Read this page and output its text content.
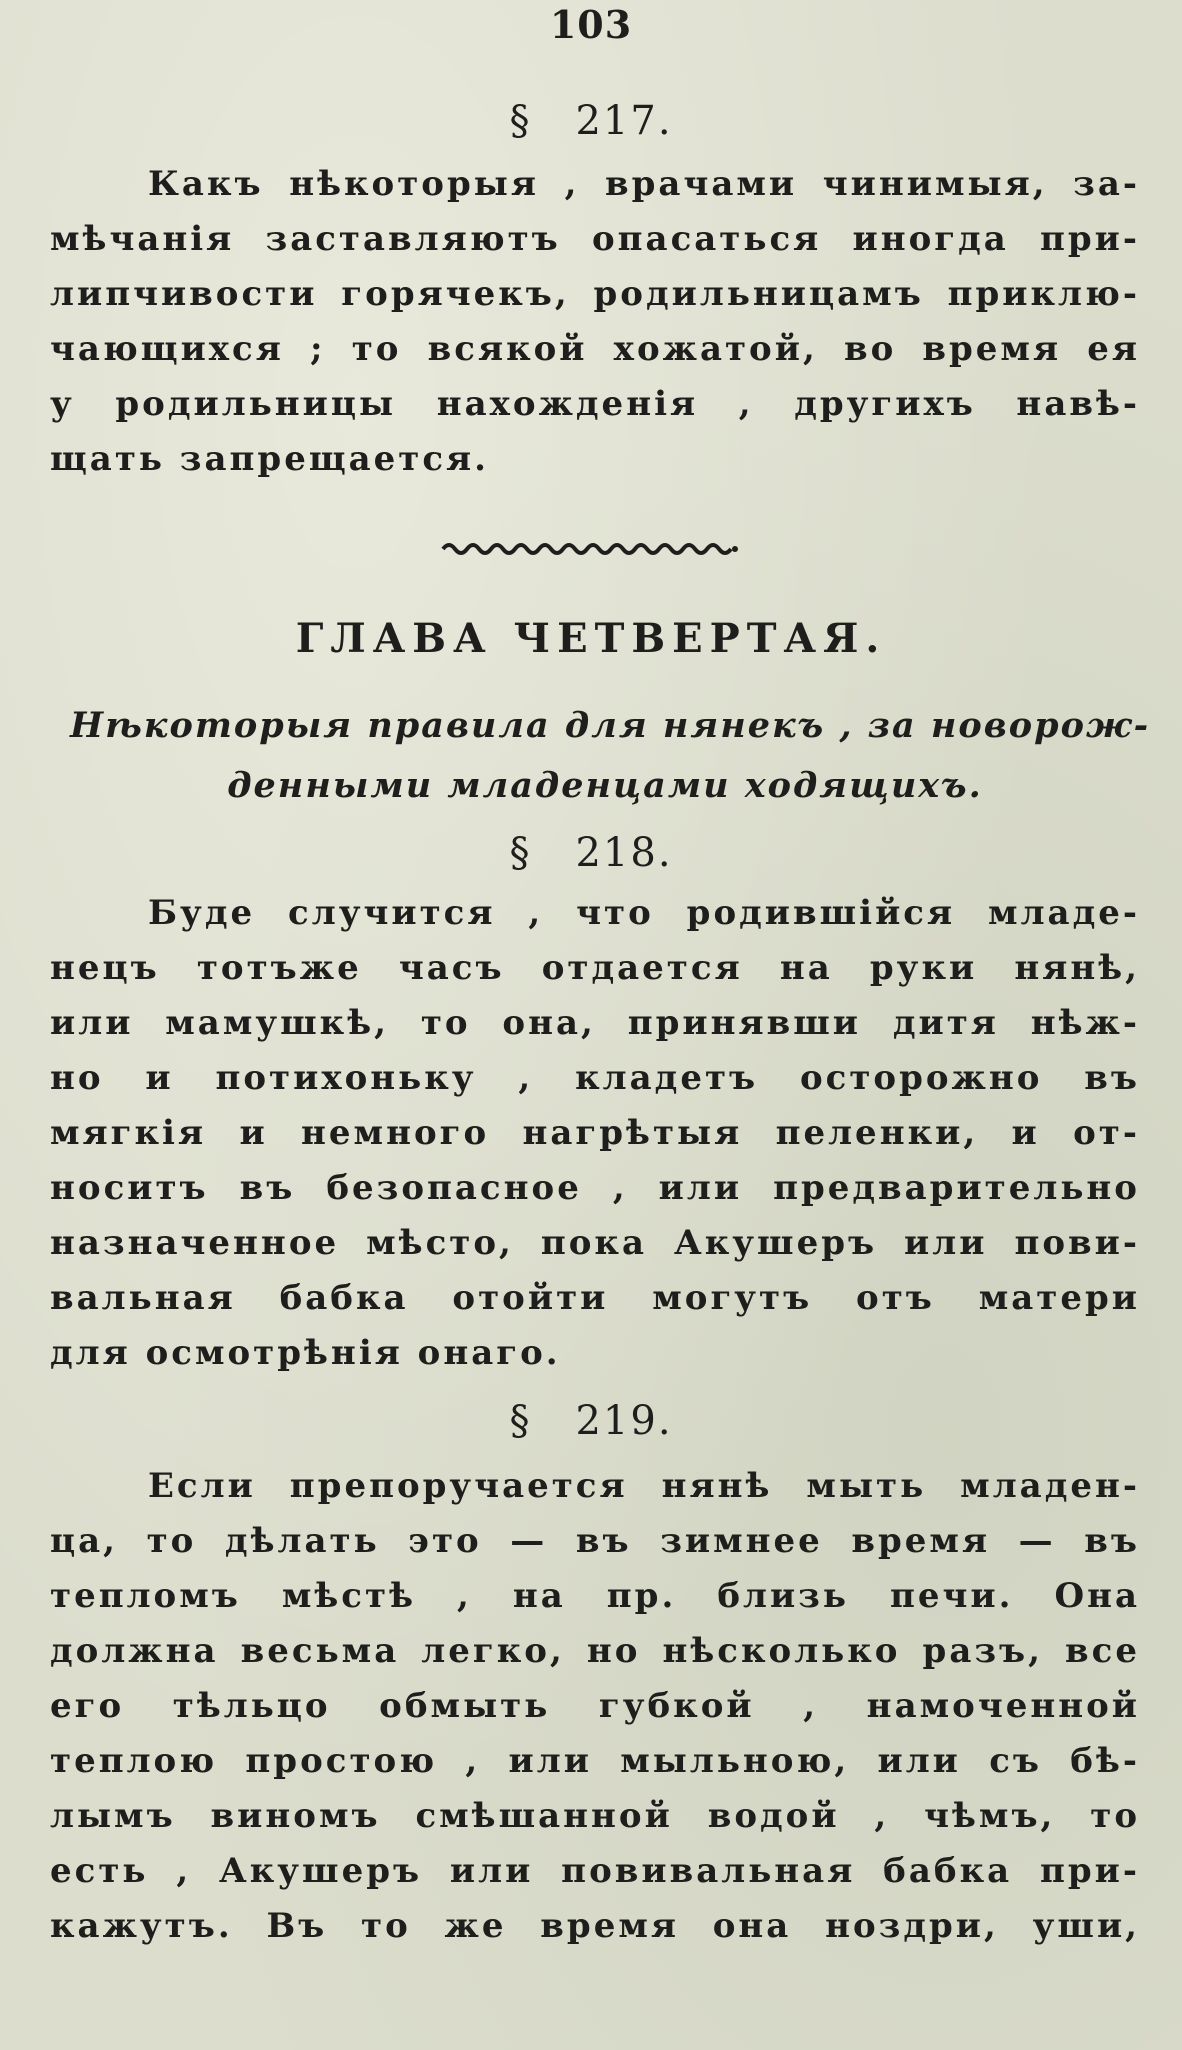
103
§ 217.
Какъ нѣкоторыя , врачами чинимыя, за-
мѣчанія заставляютъ опасаться иногда при-
липчивости горячекъ, родильницамъ приклю-
чающихся ; то всякой хожатой, во время ея
у родильницы нахожденія , другихъ навѣ-
щать запрещается.
ГЛАВА ЧЕТВЕРТАЯ.
Нѣкоторыя правила для нянекъ , за новорож-
денными младенцами ходящихъ.
§ 218.
Буде случится , что родившійся младе-
нецъ тотъже часъ отдается на руки нянѣ,
или мамушкѣ, то она, принявши дитя нѣж-
но и потихоньку , кладетъ осторожно въ
мягкія и немного нагрѣтыя пеленки, и от-
носитъ въ безопасное , или предварительно
назначенное мѣсто, пока Акушеръ или пови-
вальная бабка отойти могутъ отъ матери
для осмотрѣнія онаго.
§ 219.
Если препоручается нянѣ мыть младен-
ца, то дѣлать это — въ зимнее время — въ
тепломъ мѣстѣ , на пр. близь печи. Она
должна весьма легко, но нѣсколько разъ, все
его тѣльцо обмыть губкой , намоченной
теплою простою , или мыльною, или съ бѣ-
лымъ виномъ смѣшанной водой , чѣмъ, то
есть , Акушеръ или повивальная бабка при-
кажутъ. Въ то же время она ноздри, уши,
